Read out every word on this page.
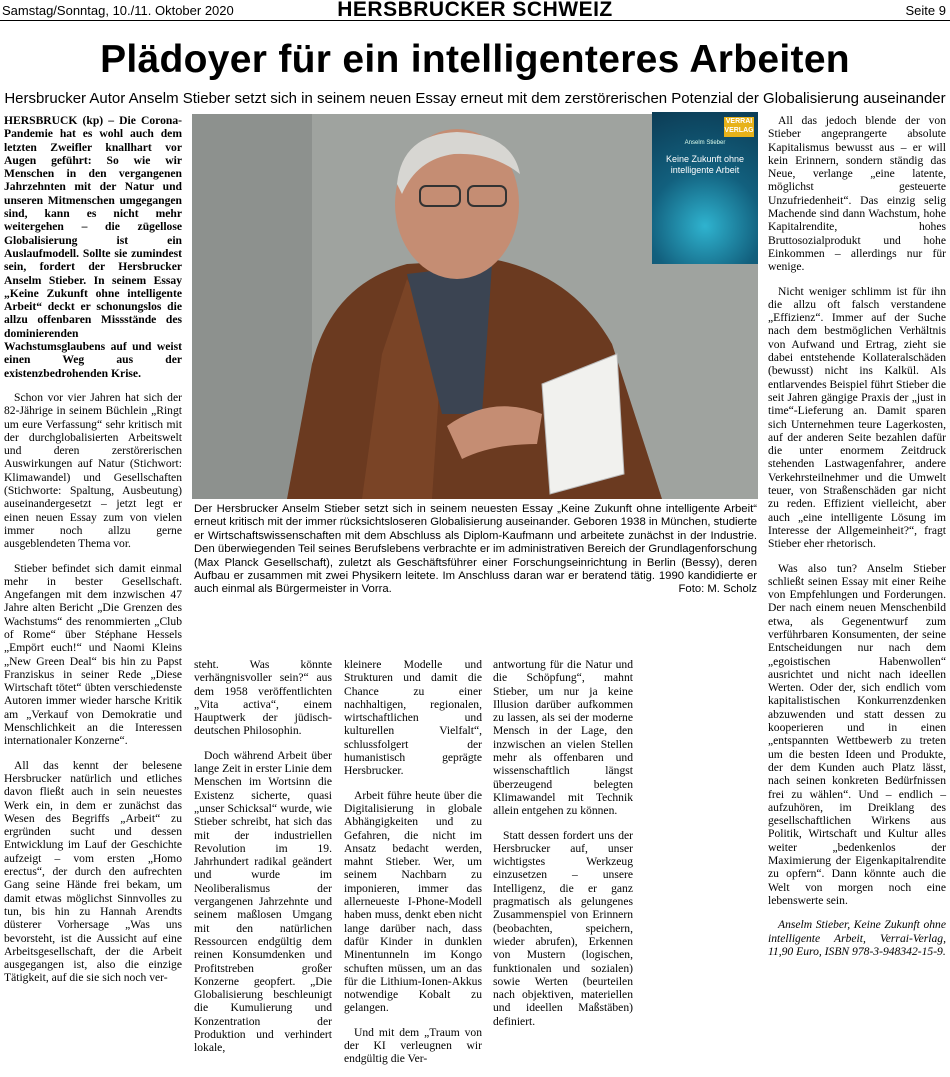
Samstag/Sonntag, 10./11. Oktober 2020	HERSBRUCKER SCHWEIZ	Seite 9
Plädoyer für ein intelligenteres Arbeiten
Hersbrucker Autor Anselm Stieber setzt sich in seinem neuen Essay erneut mit dem zerstörerischen Potenzial der Globalisierung auseinander

HERSBRUCK (kp) – Die Corona-Pandemie hat es wohl auch dem letzten Zweifler knallhart vor Augen geführt: So wie wir Menschen in den vergangenen Jahrzehnten mit der Natur und unseren Mitmenschen umgegangen sind, kann es nicht mehr weitergehen – die zügellose Globalisierung ist ein Auslaufmodell. Sollte sie zumindest sein, fordert der Hersbrucker Anselm Stieber. In seinem Essay „Keine Zukunft ohne intelligente Arbeit“ deckt er schonungslos die allzu offenbaren Missstände des dominierenden Wachstumsglaubens auf und weist einen Weg aus der existenzbedrohenden Krise.

Schon vor vier Jahren hat sich der 82-Jährige in seinem Büchlein „Ringt um eure Verfassung“ sehr kritisch mit der durchglobalisierten Arbeitswelt und deren zerstörerischen Auswirkungen auf Natur (Stichwort: Klimawandel) und Gesellschaften (Stichworte: Spaltung, Ausbeutung) auseinandergesetzt – jetzt legt er einen neuen Essay zum von vielen immer noch allzu gerne ausgeblendeten Thema vor.

Stieber befindet sich damit einmal mehr in bester Gesellschaft. Angefangen mit dem inzwischen 47 Jahre alten Bericht „Die Grenzen des Wachstums“ des renommierten „Club of Rome“ über Stéphane Hessels „Empört euch!“ und Naomi Kleins „New Green Deal“ bis hin zu Papst Franziskus in seiner Rede „Diese Wirtschaft tötet“ übten verschiedenste Autoren immer wieder harsche Kritik am „Verkauf von Demokratie und Menschlichkeit an die Interessen internationaler Konzerne“.

All das kennt der belesene Hersbrucker natürlich und etliches davon fließt auch in sein neuestes Werk ein, in dem er zunächst das Wesen des Begriffs „Arbeit“ zu ergründen sucht und dessen Entwicklung im Lauf der Geschichte aufzeigt – vom ersten „Homo erectus“, der durch den aufrechten Gang seine Hände frei bekam, um damit etwas möglichst Sinnvolles zu tun, bis hin zu Hannah Arendts düsterer Vorhersage „Was uns bevorsteht, ist die Aussicht auf eine Arbeitsgesellschaft, der die Arbeit ausgegangen ist, also die einzige Tätigkeit, auf die sie sich noch ver-

VERRAI VERLAG
Anselm Stieber
Keine Zukunft ohne intelligente Arbeit
Der Hersbrucker Anselm Stieber setzt sich in seinem neuesten Essay „Keine Zukunft ohne intelligente Arbeit“ erneut kritisch mit der immer rücksichtsloseren Globalisierung auseinander. Geboren 1938 in München, studierte er Wirtschaftswissenschaften mit dem Abschluss als Diplom-Kaufmann und arbeitete zunächst in der Industrie. Den überwiegenden Teil seines Berufslebens verbrachte er im administrativen Bereich der Grundlagenforschung (Max Planck Gesellschaft), zuletzt als Geschäftsführer einer Forschungseinrichtung in Berlin (Bessy), deren Aufbau er zusammen mit zwei Physikern leitete. Im Anschluss daran war er beratend tätig. 1990 kandidierte er auch einmal als Bürgermeister in Vorra.	Foto: M. Scholz

steht. Was könnte verhängnisvoller sein?“ aus dem 1958 veröffentlichten „Vita activa“, einem Hauptwerk der jüdisch-deutschen Philosophin.

Doch während Arbeit über lange Zeit in erster Linie dem Menschen im Wortsinn die Existenz sicherte, quasi „unser Schicksal“ wurde, wie Stieber schreibt, hat sich das mit der industriellen Revolution im 19. Jahrhundert radikal geändert und wurde im Neoliberalismus der vergangenen Jahrzehnte und seinem maßlosen Umgang mit den natürlichen Ressourcen endgültig dem reinen Konsumdenken und Profitstreben großer Konzerne geopfert. „Die Globalisierung beschleunigt die Kumulierung und Konzentration der Produktion und verhindert lokale,

kleinere Modelle und Strukturen und damit die Chance zu einer nachhaltigen, regionalen, wirtschaftlichen und kulturellen Vielfalt“, schlussfolgert der humanistisch geprägte Hersbrucker.

Arbeit führe heute über die Digitalisierung in globale Abhängigkeiten und zu Gefahren, die nicht im Ansatz bedacht werden, mahnt Stieber. Wer, um seinem Nachbarn zu imponieren, immer das allerneueste I-Phone-Modell haben muss, denkt eben nicht lange darüber nach, dass dafür Kinder in dunklen Minentunneln im Kongo schuften müssen, um an das für die Lithium-Ionen-Akkus notwendige Kobalt zu gelangen.

Und mit dem „Traum von der KI verleugnen wir endgültig die Ver-

antwortung für die Natur und die Schöpfung“, mahnt Stieber, um nur ja keine Illusion darüber aufkommen zu lassen, als sei der moderne Mensch in der Lage, den inzwischen an vielen Stellen mehr als offenbaren und wissenschaftlich längst überzeugend belegten Klimawandel mit Technik allein entgehen zu können.

Statt dessen fordert uns der Hersbrucker auf, unser wichtigstes Werkzeug einzusetzen – unsere Intelligenz, die er ganz pragmatisch als gelungenes Zusammenspiel von Erinnern (beobachten, speichern, wieder abrufen), Erkennen von Mustern (logischen, funktionalen und sozialen) sowie Werten (beurteilen nach objektiven, materiellen und ideellen Maßstäben) definiert.

All das jedoch blende der von Stieber angeprangerte absolute Kapitalismus bewusst aus – er will kein Erinnern, sondern ständig das Neue, verlange „eine latente, möglichst gesteuerte Unzufriedenheit“. Das einzig selig Machende sind dann Wachstum, hohe Kapitalrendite, hohes Bruttosozialprodukt und hohe Einkommen – allerdings nur für wenige.

Nicht weniger schlimm ist für ihn die allzu oft falsch verstandene „Effizienz“. Immer auf der Suche nach dem bestmöglichen Verhältnis von Aufwand und Ertrag, zieht sie dabei entstehende Kollateralschäden (bewusst) nicht ins Kalkül. Als entlarvendes Beispiel führt Stieber die seit Jahren gängige Praxis der „just in time“-Lieferung an. Damit sparen sich Unternehmen teure Lagerkosten, auf der anderen Seite bezahlen dafür die unter enormem Zeitdruck stehenden Lastwagenfahrer, andere Verkehrsteilnehmer und die Umwelt teuer, von Straßenschäden gar nicht zu reden. Effizient vielleicht, aber auch „eine intelligente Lösung im Interesse der Allgemeinheit?“, fragt Stieber eher rhetorisch.

Was also tun? Anselm Stieber schließt seinen Essay mit einer Reihe von Empfehlungen und Forderungen. Der nach einem neuen Menschenbild etwa, als Gegenentwurf zum verführbaren Konsumenten, der seine Entscheidungen nur nach dem „egoistischen Habenwollen“ ausrichtet und nicht nach ideellen Werten. Oder der, sich endlich vom kapitalistischen Konkurrenzdenken abzuwenden und statt dessen zu kooperieren und in einen „entspannten Wettbewerb zu treten um die besten Ideen und Produkte, der dem Kunden auch Platz lässt, nach seinen konkreten Bedürfnissen frei zu wählen“. Und – endlich – aufzuhören, im Dreiklang des gesellschaftlichen Wirkens aus Politik, Wirtschaft und Kultur alles weiter „bedenkenlos der Maximierung der Eigenkapitalrendite zu opfern“. Dann könnte auch die Welt von morgen noch eine lebenswerte sein.

Anselm Stieber, Keine Zukunft ohne intelligente Arbeit, Verrai-Verlag, 11,90 Euro, ISBN 978-3-948342-15-9.
